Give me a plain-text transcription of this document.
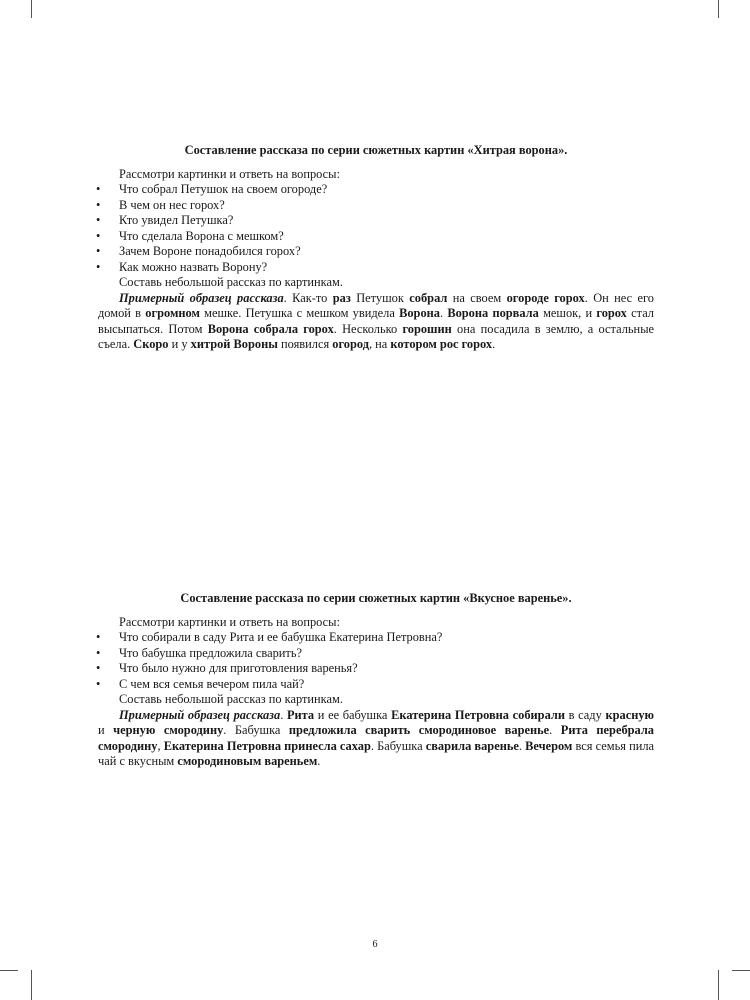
Составление рассказа по серии сюжетных картин «Хитрая ворона».

Рассмотри картинки и ответь на вопросы:

• Что собрал Петушок на своем огороде?
• В чем он нес горох?
• Кто увидел Петушка?
• Что сделала Ворона с мешком?
• Зачем Вороне понадобился горох?
• Как можно назвать Ворону?

Составь небольшой рассказ по картинкам.

Примерный образец рассказа. Как-то раз Петушок собрал на своем огороде горох. Он нес его домой в огромном мешке. Петушка с мешком увидела Ворона. Ворона порвала мешок, и горох стал высыпаться. Потом Ворона собрала горох. Несколько горошин она посадила в землю, а остальные съела. Скоро и у хитрой Вороны появился огород, на котором рос горох.

Составление рассказа по серии сюжетных картин «Вкусное варенье».

Рассмотри картинки и ответь на вопросы:

• Что собирали в саду Рита и ее бабушка Екатерина Петровна?
• Что бабушка предложила сварить?
• Что было нужно для приготовления варенья?
• С чем вся семья вечером пила чай?

Составь небольшой рассказ по картинкам.

Примерный образец рассказа. Рита и ее бабушка Екатерина Петровна собирали в саду красную и черную смородину. Бабушка предложила сварить смородиновое варенье. Рита перебрала смородину, Екатерина Петровна принесла сахар. Бабушка сварила варенье. Вечером вся семья пила чай с вкусным смородиновым вареньем.

6
